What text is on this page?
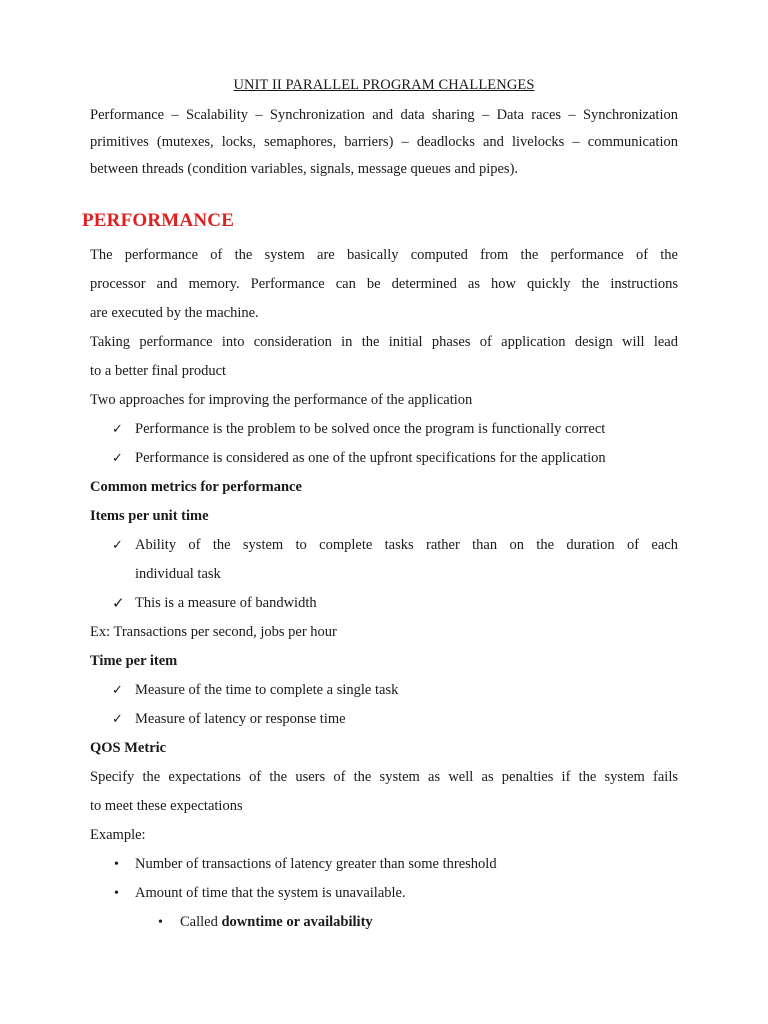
UNIT II PARALLEL PROGRAM CHALLENGES
Performance – Scalability – Synchronization and data sharing – Data races – Synchronization primitives (mutexes, locks, semaphores, barriers) – deadlocks and livelocks – communication between threads (condition variables, signals, message queues and pipes).
PERFORMANCE
The performance of the system are basically computed from the performance of the
processor and memory. Performance can be determined as how quickly the instructions
are executed by the machine.
Taking performance into consideration in the initial phases of application design will lead
to a better final product
Two approaches for improving the performance of the application
✓ Performance is the problem to be solved once the program is functionally correct
✓ Performance is considered as one of the upfront specifications for the application
Common metrics for performance
Items per unit time
✓ Ability of the system to complete tasks rather than on the duration of each
individual task
✓ This is a measure of bandwidth
Ex: Transactions per second, jobs per hour
Time per item
✓ Measure of the time to complete a single task
✓ Measure of latency or response time
QOS Metric
Specify the expectations of the users of the system as well as penalties if the system fails
to meet these expectations
Example:
• Number of transactions of latency greater than some threshold
• Amount of time that the system is unavailable.
• Called downtime or availability
